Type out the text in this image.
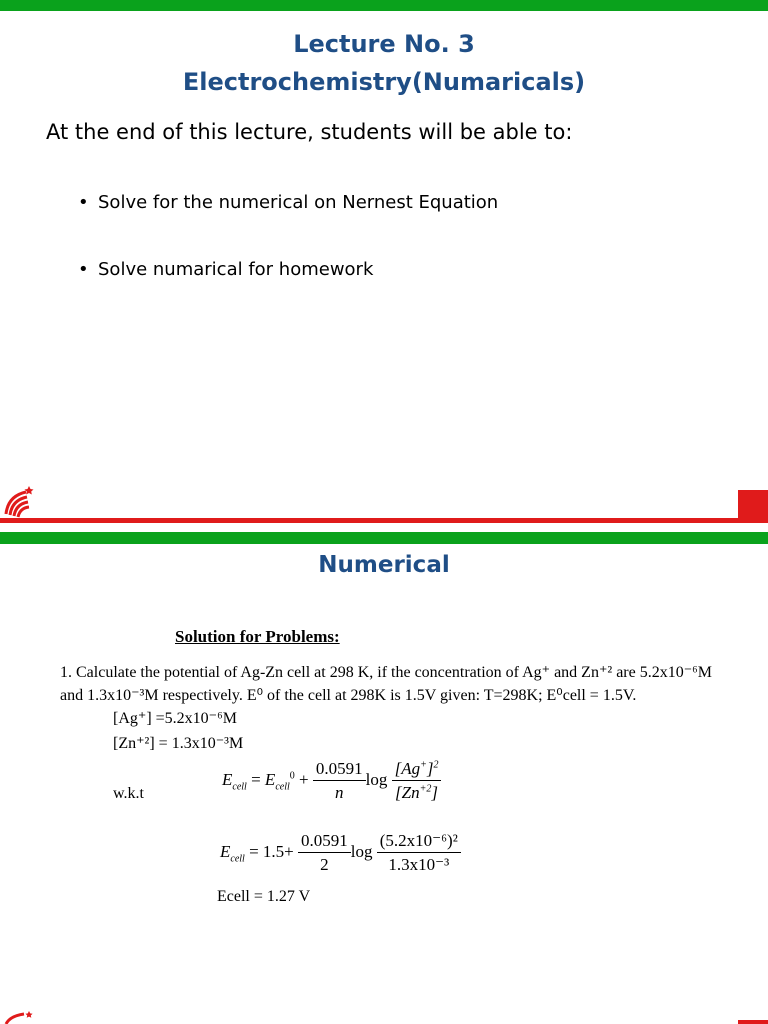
Lecture No. 3
Electrochemistry(Numaricals)
At the end of this lecture, students will be able to:
• Solve for the numerical on Nernest Equation
• Solve numarical for homework
Numerical
Solution for Problems:
1. Calculate the potential of Ag-Zn cell at 298 K, if the concentration of Ag⁺ and Zn⁺² are 5.2x10⁻⁶M
and 1.3x10⁻³M respectively. E⁰ of the cell at 298K is 1.5V given: T=298K; E⁰cell = 1.5V.
[Ag⁺] =5.2x10⁻⁶M
[Zn⁺²] = 1.3x10⁻³M
w.k.t
$E_{cell} = E_{cell}^0 + \frac{0.0591}{n}$ $\log \frac{[Ag^+]^2}{[Zn^{+2}]}$
$E_{cell} = 1.5+ \frac{0.0591}{2}$ $\log \frac{\text{(5.2x10⁻⁶)²}}{\text{1.3x10⁻³}}$
Ecell = 1.27 V
